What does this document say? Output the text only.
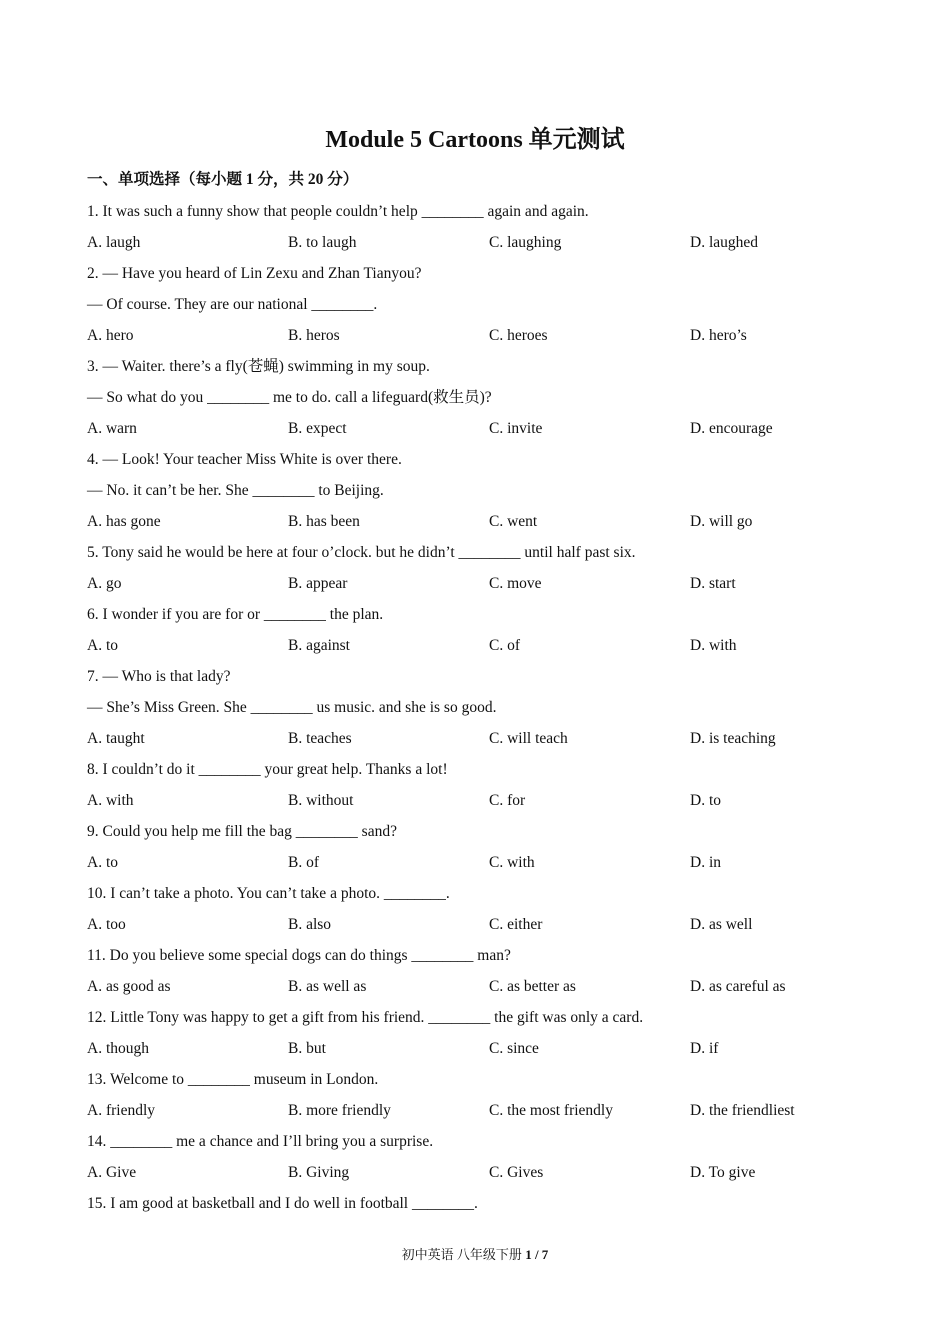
Module 5 Cartoons 单元测试
一、单项选择（每小题 1 分，共 20 分）
1. It was such a funny show that people couldn’t help ________ again and again.
A. laugh	B. to laugh	C. laughing	D. laughed
2. — Have you heard of Lin Zexu and Zhan Tianyou?
— Of course. They are our national ________.
A. hero	B. heros	C. heroes	D. hero’s
3. — Waiter. there’s a fly(苍蝇) swimming in my soup.
— So what do you ________ me to do. call a lifeguard(救生员)?
A. warn	B. expect	C. invite	D. encourage
4. — Look! Your teacher Miss White is over there.
— No. it can’t be her. She ________ to Beijing.
A. has gone	B. has been	C. went	D. will go
5. Tony said he would be here at four o’clock. but he didn’t ________ until half past six.
A. go	B. appear	C. move	D. start
6. I wonder if you are for or ________ the plan.
A. to	B. against	C. of	D. with
7. — Who is that lady?
— She’s Miss Green. She ________ us music. and she is so good.
A. taught	B. teaches	C. will teach	D. is teaching
8. I couldn’t do it ________ your great help. Thanks a lot!
A. with	B. without	C. for	D. to
9. Could you help me fill the bag ________ sand?
A. to	B. of	C. with	D. in
10. I can’t take a photo. You can’t take a photo. ________.
A. too	B. also	C. either	D. as well
11. Do you believe some special dogs can do things ________ man?
A. as good as	B. as well as	C. as better as	D. as careful as
12. Little Tony was happy to get a gift from his friend. ________ the gift was only a card.
A. though	B. but	C. since	D. if
13. Welcome to ________ museum in London.
A. friendly	B. more friendly	C. the most friendly	D. the friendliest
14. ________ me a chance and I’ll bring you a surprise.
A. Give	B. Giving	C. Gives	D. To give
15. I am good at basketball and I do well in football ________.
初中英语 八年级下册 1 / 7
